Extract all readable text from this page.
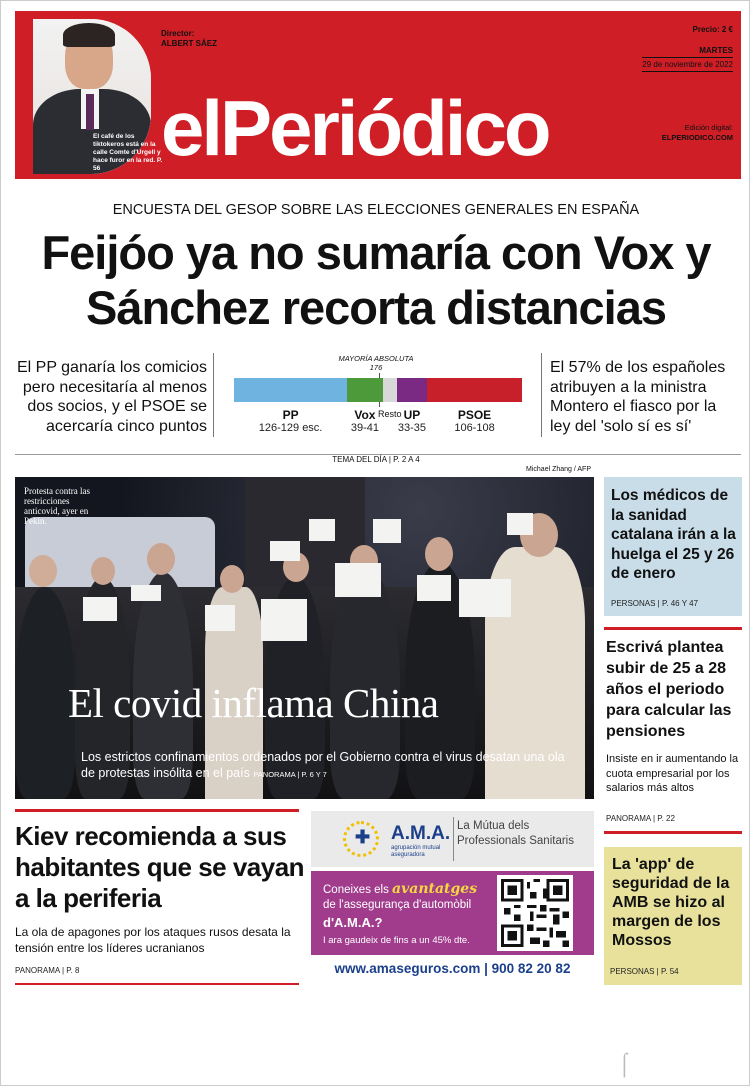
El café de los tiktokeros está en la calle Comte d'Urgell y hace furor en la red. P. 56
Director:
ALBERT SÁEZ
elPeriódico
Precio: 2 €
MARTES
29 de noviembre de 2022
Edición digital:
ELPERIODICO.COM
ENCUESTA DEL GESOP SOBRE LAS ELECCIONES GENERALES EN ESPAÑA
Feijóo ya no sumaría con Vox y
Sánchez recorta distancias
El PP ganaría los comicios pero necesitaría al menos dos socios, y el PSOE se acercaría cinco puntos
MAYORÍA ABSOLUTA
176
PP
126-129 esc.
Vox
39-41
Resto UP
33-35
PSOE
106-108
El 57% de los españoles atribuyen a la ministra Montero el fiasco por la ley del 'solo sí es sí'
TEMA DEL DÍA | P. 2 A 4
Michael Zhang / AFP
Protesta contra las restricciones anticovid, ayer en Pekín.
El covid inflama China
Los estrictos confinamientos ordenados por el Gobierno contra el virus desatan una ola de protestas insólita en el país PANORAMA | P. 6 Y 7
Los médicos de la sanidad catalana irán a la huelga el 25 y 26 de enero
PERSONAS | P. 46 Y 47
Escrivá plantea subir de 25 a 28 años el periodo para calcular las pensiones
Insiste en ir aumentando la cuota empresarial por los salarios más altos
PANORAMA | P. 22
La 'app' de seguridad de la AMB se hizo al margen de los Mossos
PERSONAS | P. 54
Kiev recomienda a sus habitantes que se vayan a la periferia
La ola de apagones por los ataques rusos desata la tensión entre los líderes ucranianos
PANORAMA | P. 8
✚ A.M.A.
agrupación mutual aseguradora
La Mútua dels Professionals Sanitaris
Coneixes els avantatges
de l'assegurança d'automòbil
d'A.M.A.?
I ara gaudeix de fins a un 45% dte.
www.amaseguros.com | 900 82 20 82
⌠
